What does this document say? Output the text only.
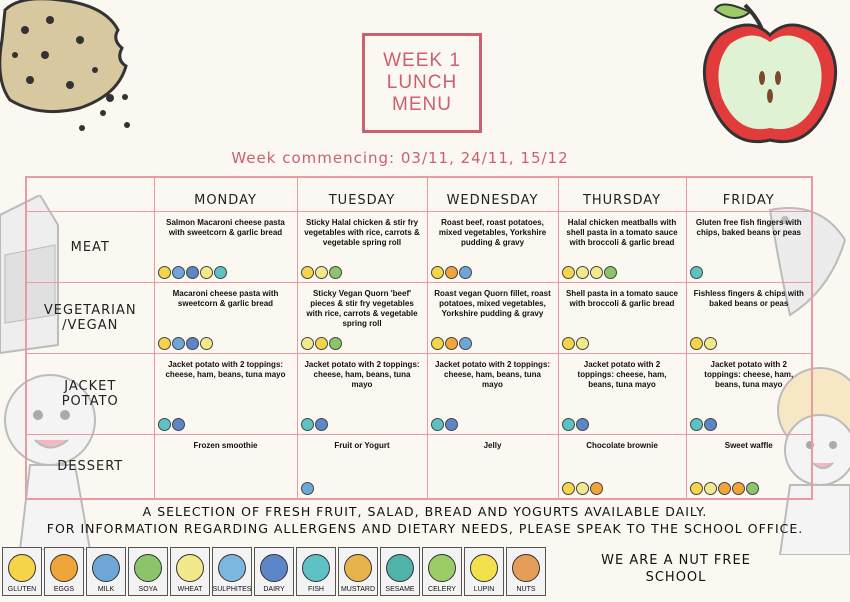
WEEK 1
LUNCH
MENU
Week commencing: 03/11, 24/11, 15/12
	MONDAY	TUESDAY	WEDNESDAY	THURSDAY	FRIDAY

MEAT	Salmon Macaroni cheese pasta with sweetcorn & garlic bread	Sticky Halal chicken & stir fry vegetables with rice, carrots & vegetable spring roll	Roast beef, roast potatoes, mixed vegetables, Yorkshire pudding & gravy	Halal chicken meatballs with shell pasta in a tomato sauce with broccoli & garlic bread	Gluten free fish fingers with chips, baked beans or peas

VEGETARIAN
/VEGAN	Macaroni cheese pasta with sweetcorn & garlic bread	Sticky Vegan Quorn 'beef' pieces & stir fry vegetables with rice, carrots & vegetable spring roll	Roast vegan Quorn fillet, roast potatoes, mixed vegetables, Yorkshire pudding & gravy	Shell pasta in a tomato sauce with broccoli & garlic bread	Fishless fingers & chips with baked beans or peas

JACKET
POTATO	Jacket potato with 2 toppings: cheese, ham, beans, tuna mayo	Jacket potato with 2 toppings: cheese, ham, beans, tuna mayo	Jacket potato with 2 toppings: cheese, ham, beans, tuna mayo	Jacket potato with 2 toppings: cheese, ham, beans, tuna mayo	Jacket potato with 2 toppings: cheese, ham, beans, tuna mayo

DESSERT	Frozen smoothie	Fruit or Yogurt	Jelly	Chocolate brownie	Sweet waffle
A SELECTION OF FRESH FRUIT, SALAD, BREAD AND YOGURTS AVAILABLE DAILY.
FOR INFORMATION REGARDING ALLERGENS AND DIETARY NEEDS, PLEASE SPEAK TO THE SCHOOL OFFICE.
GLUTEN	EGGS	MILK	SOYA	WHEAT SULPHITES DAIRY	FISH MUSTARD SESAME CELERY	LUPIN	NUTS
WE ARE A NUT FREE
SCHOOL
